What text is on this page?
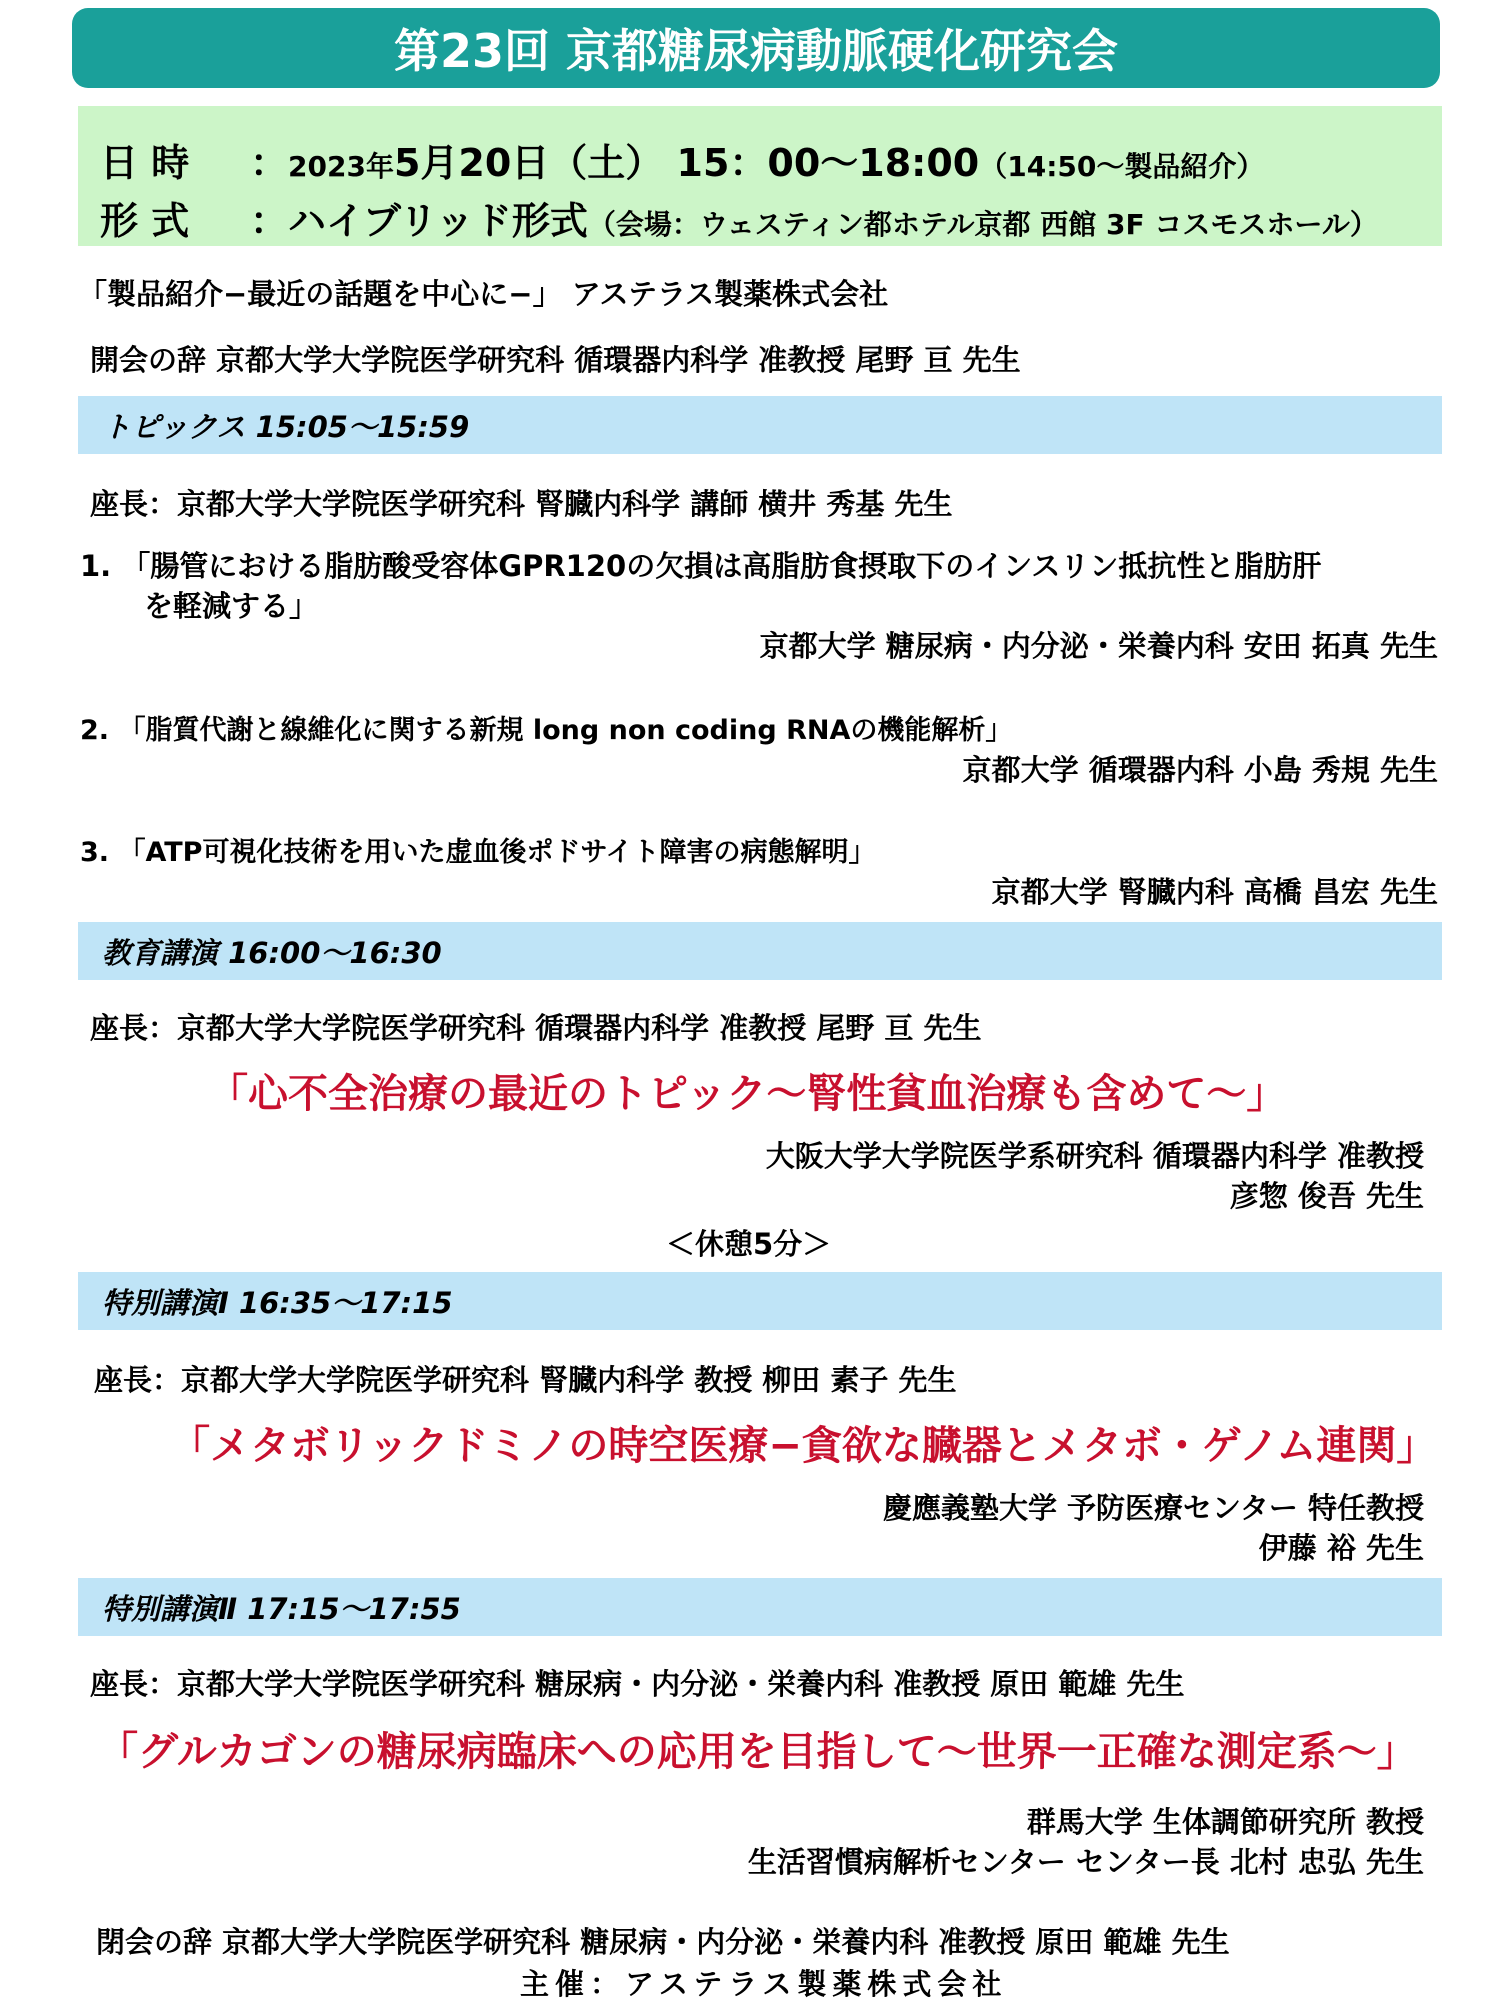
第23回 京都糖尿病動脈硬化研究会
日 時 ：2023年5月20日（土） 15：00〜18:00（14:50〜製品紹介）
形 式 ：ハイブリッド形式（会場：ウェスティン都ホテル京都 西館 3F コスモスホール）
「製品紹介−最近の話題を中心に−」 アステラス製薬株式会社
開会の辞 京都大学大学院医学研究科 循環器内科学 准教授 尾野 亘 先生
トピックス 15:05〜15:59
座長：京都大学大学院医学研究科 腎臓内科学 講師 横井 秀基 先生
1. 「腸管における脂肪酸受容体GPR120の欠損は高脂肪食摂取下のインスリン抵抗性と脂肪肝
を軽減する」
京都大学 糖尿病・内分泌・栄養内科 安田 拓真 先生
2. 「脂質代謝と線維化に関する新規 long non coding RNAの機能解析」
京都大学 循環器内科 小島 秀規 先生
3. 「ATP可視化技術を用いた虚血後ポドサイト障害の病態解明」
京都大学 腎臓内科 高橋 昌宏 先生
教育講演 16:00〜16:30
座長：京都大学大学院医学研究科 循環器内科学 准教授 尾野 亘 先生
「心不全治療の最近のトピック〜腎性貧血治療も含めて〜」
大阪大学大学院医学系研究科 循環器内科学 准教授
彦惣 俊吾 先生
＜休憩5分＞
特別講演Ⅰ 16:35〜17:15
座長：京都大学大学院医学研究科 腎臓内科学 教授 柳田 素子 先生
「メタボリックドミノの時空医療−貪欲な臓器とメタボ・ゲノム連関」
慶應義塾大学 予防医療センター 特任教授
伊藤 裕 先生
特別講演Ⅱ 17:15〜17:55
座長：京都大学大学院医学研究科 糖尿病・内分泌・栄養内科 准教授 原田 範雄 先生
「グルカゴンの糖尿病臨床への応用を目指して〜世界一正確な測定系〜」
群馬大学 生体調節研究所 教授
生活習慣病解析センター センター長 北村 忠弘 先生
閉会の辞 京都大学大学院医学研究科 糖尿病・内分泌・栄養内科 准教授 原田 範雄 先生
主催：アステラス製薬株式会社
